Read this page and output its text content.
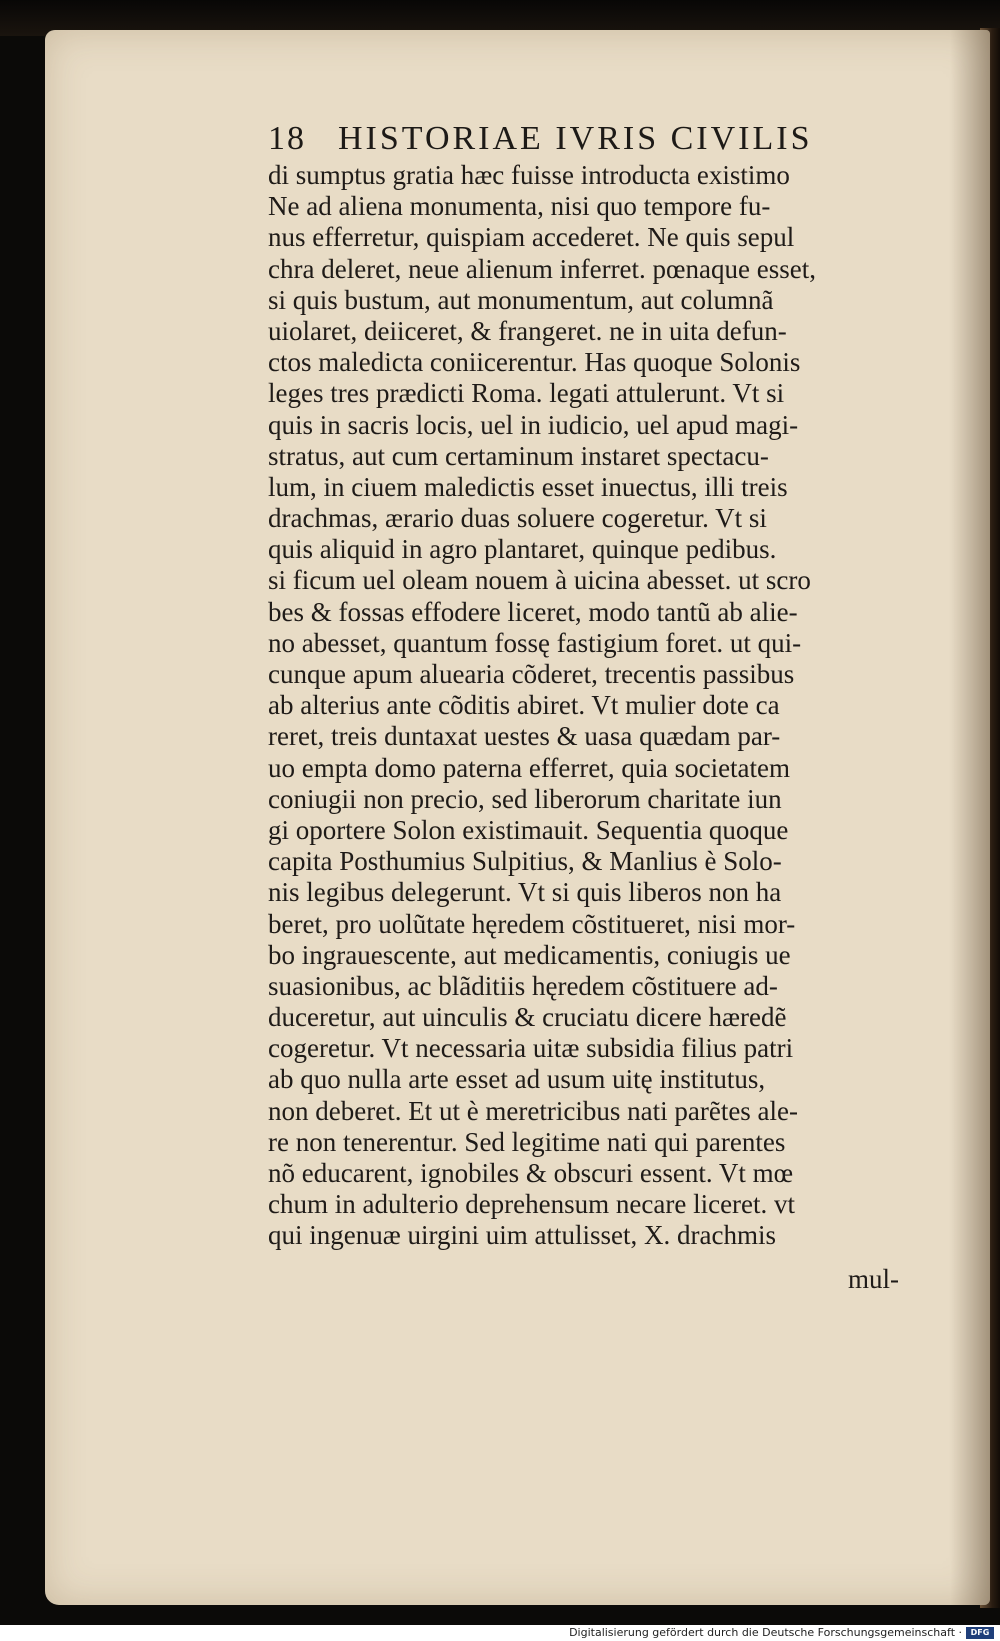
18 HISTORIAE IVRIS CIVILIS
di sumptus gratia hæc fuisse introducta existimo
Ne ad aliena monumenta, nisi quo tempore fu-
nus efferretur, quispiam accederet. Ne quis sepul
chra deleret, neue alienum inferret. pœnaque esset,
si quis bustum, aut monumentum, aut columnã
uiolaret, deiiceret, & frangeret. ne in uita defun-
ctos maledicta coniicerentur. Has quoque Solonis
leges tres prædicti Roma. legati attulerunt. Vt si
quis in sacris locis, uel in iudicio, uel apud magi-
stratus, aut cum certaminum instaret spectacu-
lum, in ciuem maledictis esset inuectus, illi treis
drachmas, ærario duas soluere cogeretur. Vt si
quis aliquid in agro plantaret, quinque pedibus.
si ficum uel oleam nouem à uicina abesset. ut scro
bes & fossas effodere liceret, modo tantũ ab alie-
no abesset, quantum fossę fastigium foret. ut qui-
cunque apum aluearia cõderet, trecentis passibus
ab alterius ante cõditis abiret. Vt mulier dote ca
reret, treis duntaxat uestes & uasa quædam par-
uo empta domo paterna efferret, quia societatem
coniugii non precio, sed liberorum charitate iun
gi oportere Solon existimauit. Sequentia quoque
capita Posthumius Sulpitius, & Manlius è Solo-
nis legibus delegerunt. Vt si quis liberos non ha
beret, pro uolũtate hęredem cõstitueret, nisi mor-
bo ingrauescente, aut medicamentis, coniugis ue
suasionibus, ac blãditiis hęredem cõstituere ad-
duceretur, aut uinculis & cruciatu dicere hæredẽ
cogeretur. Vt necessaria uitæ subsidia filius patri
ab quo nulla arte esset ad usum uitę institutus,
non deberet. Et ut è meretricibus nati parẽtes ale-
re non tenerentur. Sed legitime nati qui parentes
nõ educarent, ignobiles & obscuri essent. Vt mœ
chum in adulterio deprehensum necare liceret. vt
qui ingenuæ uirgini uim attulisset, X. drachmis
mul-
Digitalisierung gefördert durch die Deutsche Forschungsgemeinschaft ·	DFG
